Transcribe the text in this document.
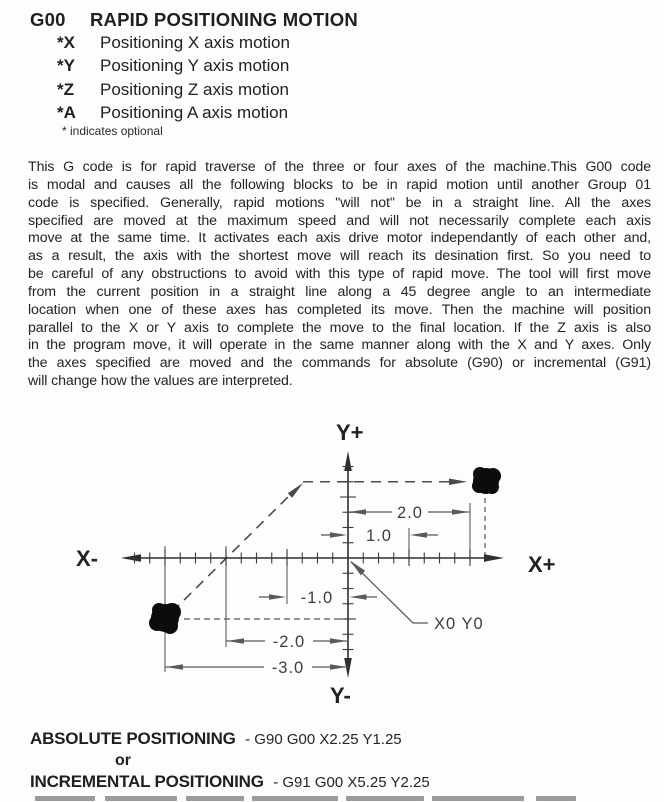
G00 RAPID POSITIONING MOTION
*X	Positioning X axis motion
*Y	Positioning Y axis motion
*Z	Positioning Z axis motion
*A	Positioning A axis motion
* indicates optional
This G code is for rapid traverse of the three or four axes of the machine.This G00 code
is modal and causes all the following blocks to be in rapid motion until another Group 01
code is specified. Generally, rapid motions "will not" be in a straight line. All the axes
specified are moved at the maximum speed and will not necessarily complete each axis
move at the same time. It activates each axis drive motor independantly of each other and,
as a result, the axis with the shortest move will reach its desination first. So you need to
be careful of any obstructions to avoid with this type of rapid move. The tool will first move
from the current position in a straight line along a 45 degree angle to an intermediate
location when one of these axes has completed its move. Then the machine will position
parallel to the X or Y axis to complete the move to the final location. If the Z axis is also
in the program move, it will operate in the same manner along with the X and Y axes. Only
the axes specified are moved and the commands for absolute (G90) or incremental (G91)
will change how the values are interpreted.
2.0
1.0
-1.0
-2.0
-3.0
X0 Y0
Y+
Y-
X-	X+
ABSOLUTE POSITIONING - G90 G00 X2.25 Y1.25
or
INCREMENTAL POSITIONING - G91 G00 X5.25 Y2.25
